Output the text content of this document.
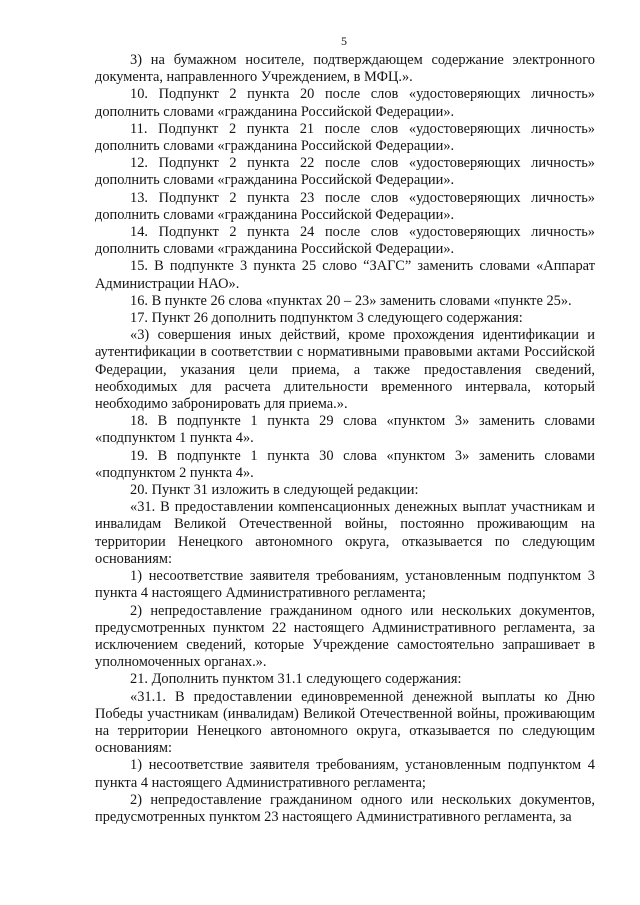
5

3) на бумажном носителе, подтверждающем содержание электронного документа, направленного Учреждением, в МФЦ.».

10. Подпункт 2 пункта 20 после слов «удостоверяющих личность» дополнить словами «гражданина Российской Федерации».

11. Подпункт 2 пункта 21 после слов «удостоверяющих личность» дополнить словами «гражданина Российской Федерации».

12. Подпункт 2 пункта 22 после слов «удостоверяющих личность» дополнить словами «гражданина Российской Федерации».

13. Подпункт 2 пункта 23 после слов «удостоверяющих личность» дополнить словами «гражданина Российской Федерации».

14. Подпункт 2 пункта 24 после слов «удостоверяющих личность» дополнить словами «гражданина Российской Федерации».

15. В подпункте 3 пункта 25 слово “ЗАГС” заменить словами «Аппарат Администрации НАО».

16. В пункте 26 слова «пунктах 20 – 23» заменить словами «пункте 25».

17. Пункт 26 дополнить подпунктом 3 следующего содержания:

«3) совершения иных действий, кроме прохождения идентификации и аутентификации в соответствии с нормативными правовыми актами Российской Федерации, указания цели приема, а также предоставления сведений, необходимых для расчета длительности временного интервала, который необходимо забронировать для приема.».

18. В подпункте 1 пункта 29 слова «пунктом 3» заменить словами «подпунктом 1 пункта 4».

19. В подпункте 1 пункта 30 слова «пунктом 3» заменить словами «подпунктом 2 пункта 4».

20. Пункт 31 изложить в следующей редакции:

«31. В предоставлении компенсационных денежных выплат участникам и инвалидам Великой Отечественной войны, постоянно проживающим на территории Ненецкого автономного округа, отказывается по следующим основаниям:

1) несоответствие заявителя требованиям, установленным подпунктом 3 пункта 4 настоящего Административного регламента;

2) непредоставление гражданином одного или нескольких документов, предусмотренных пунктом 22 настоящего Административного регламента, за исключением сведений, которые Учреждение самостоятельно запрашивает в уполномоченных органах.».

21. Дополнить пунктом 31.1 следующего содержания:

«31.1. В предоставлении единовременной денежной выплаты ко Дню Победы участникам (инвалидам) Великой Отечественной войны, проживающим на территории Ненецкого автономного округа, отказывается по следующим основаниям:

1) несоответствие заявителя требованиям, установленным подпунктом 4 пункта 4 настоящего Административного регламента;

2) непредоставление гражданином одного или нескольких документов, предусмотренных пунктом 23 настоящего Административного регламента, за
